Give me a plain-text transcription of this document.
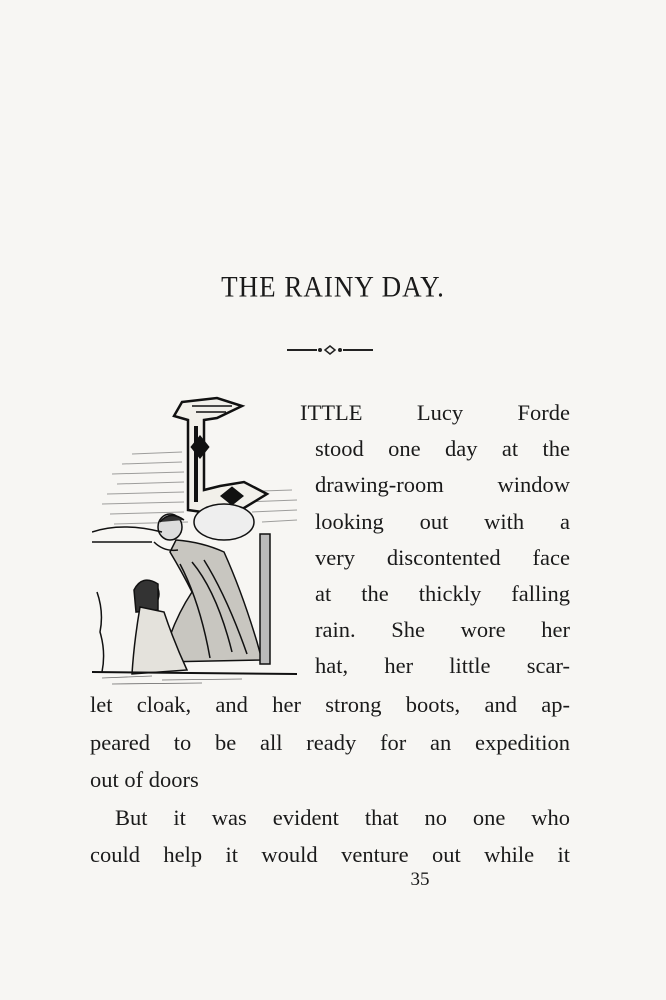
THE RAINY DAY.
ITTLE Lucy Forde
stood one day at the
drawing-room window
looking out with a
very discontented face
at the thickly falling
rain. She wore her
hat, her little scar-
let cloak, and her strong boots, and ap-
peared to be all ready for an expedition
out of doors
But it was evident that no one who
could help it would venture out while it
35
